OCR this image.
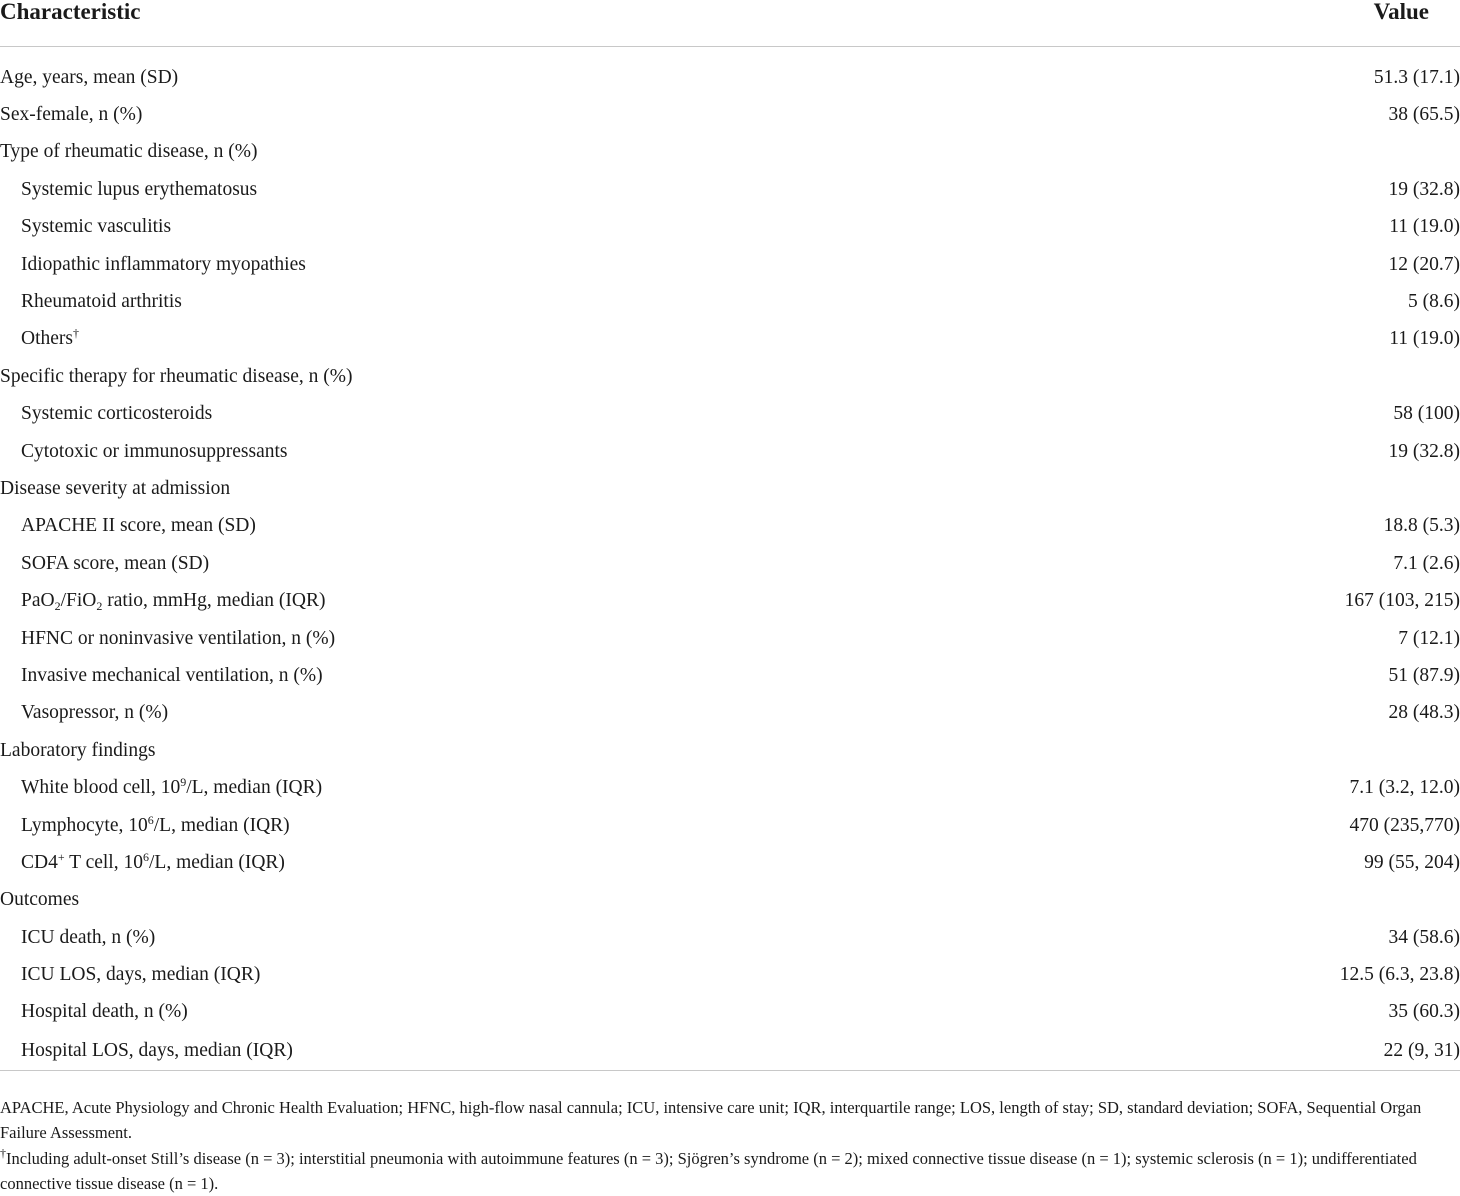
Characteristic	Value

Age, years, mean (SD)	51.3 (17.1)
Sex-female, n (%)	38 (65.5)
Type of rheumatic disease, n (%)	
Systemic lupus erythematosus	19 (32.8)
Systemic vasculitis	11 (19.0)
Idiopathic inflammatory myopathies	12 (20.7)
Rheumatoid arthritis	5 (8.6)
Others†	11 (19.0)
Specific therapy for rheumatic disease, n (%)	
Systemic corticosteroids	58 (100)
Cytotoxic or immunosuppressants	19 (32.8)
Disease severity at admission	
APACHE II score, mean (SD)	18.8 (5.3)
SOFA score, mean (SD)	7.1 (2.6)
PaO$_2$/FiO$_2$ ratio, mmHg, median (IQR)	167 (103, 215)
HFNC or noninvasive ventilation, n (%)	7 (12.1)
Invasive mechanical ventilation, n (%)	51 (87.9)
Vasopressor, n (%)	28 (48.3)
Laboratory findings	
White blood cell, $10^9/L$, median (IQR)	7.1 (3.2, 12.0)
Lymphocyte, $10^6/L$, median (IQR)	470 (235,770)
CD4+ T cell, $10^6/L$, median (IQR)	99 (55, 204)
Outcomes	
ICU death, n (%)	34 (58.6)
ICU LOS, days, median (IQR)	12.5 (6.3, 23.8)
Hospital death, n (%)	35 (60.3)
Hospital LOS, days, median (IQR)	22 (9, 31)

APACHE, Acute Physiology and Chronic Health Evaluation; HFNC, high-flow nasal cannula; ICU, intensive care unit; IQR, interquartile range; LOS, length of stay; SD, standard deviation; SOFA, Sequential Organ Failure Assessment.

†Including adult-onset Still’s disease (n = 3); interstitial pneumonia with autoimmune features (n = 3); Sjögren’s syndrome (n = 2); mixed connective tissue disease (n = 1); systemic sclerosis (n = 1); undifferentiated connective tissue disease (n = 1).
